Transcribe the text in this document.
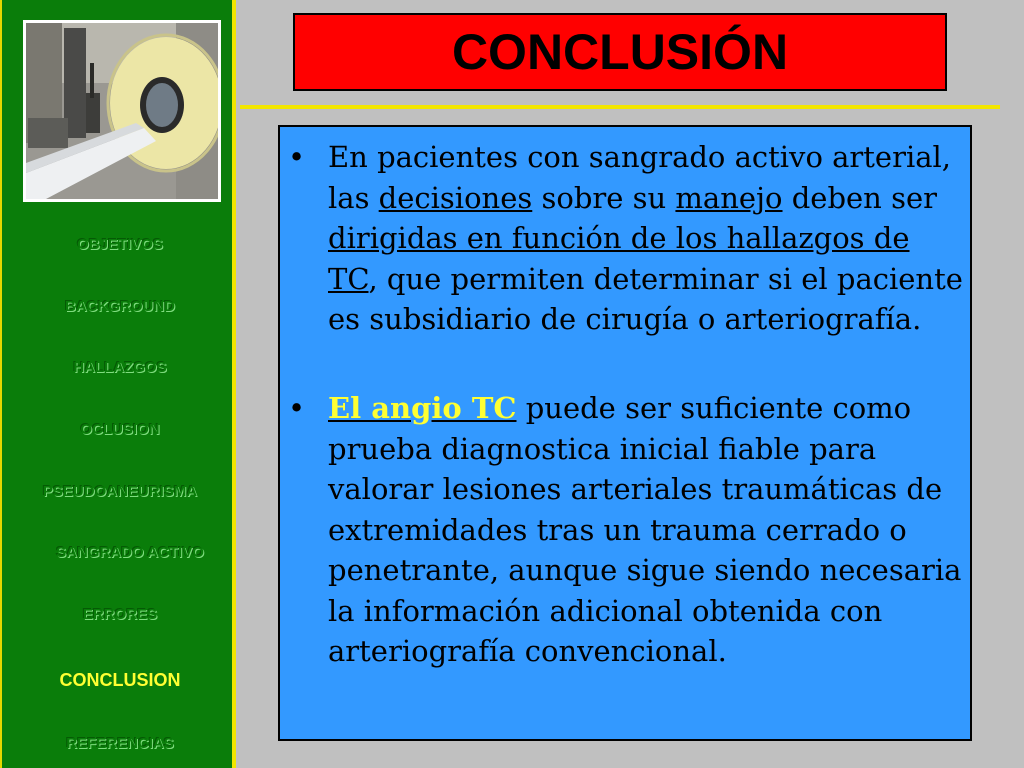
OBJETIVOS
BACKGROUND
HALLAZGOS
OCLUSION
PSEUDOANEURISMA
SANGRADO ACTIVO
ERRORES
CONCLUSION
REFERENCIAS
CONCLUSIÓN
• En pacientes con sangrado activo arterial, las decisiones sobre su manejo deben ser dirigidas en función de los hallazgos de TC, que permiten determinar si el paciente es subsidiario de cirugía o arteriografía.
• El angio TC puede ser suficiente como prueba diagnostica inicial fiable para valorar lesiones arteriales traumáticas de extremidades tras un trauma cerrado o penetrante, aunque sigue siendo necesaria la información adicional obtenida con arteriografía convencional.
